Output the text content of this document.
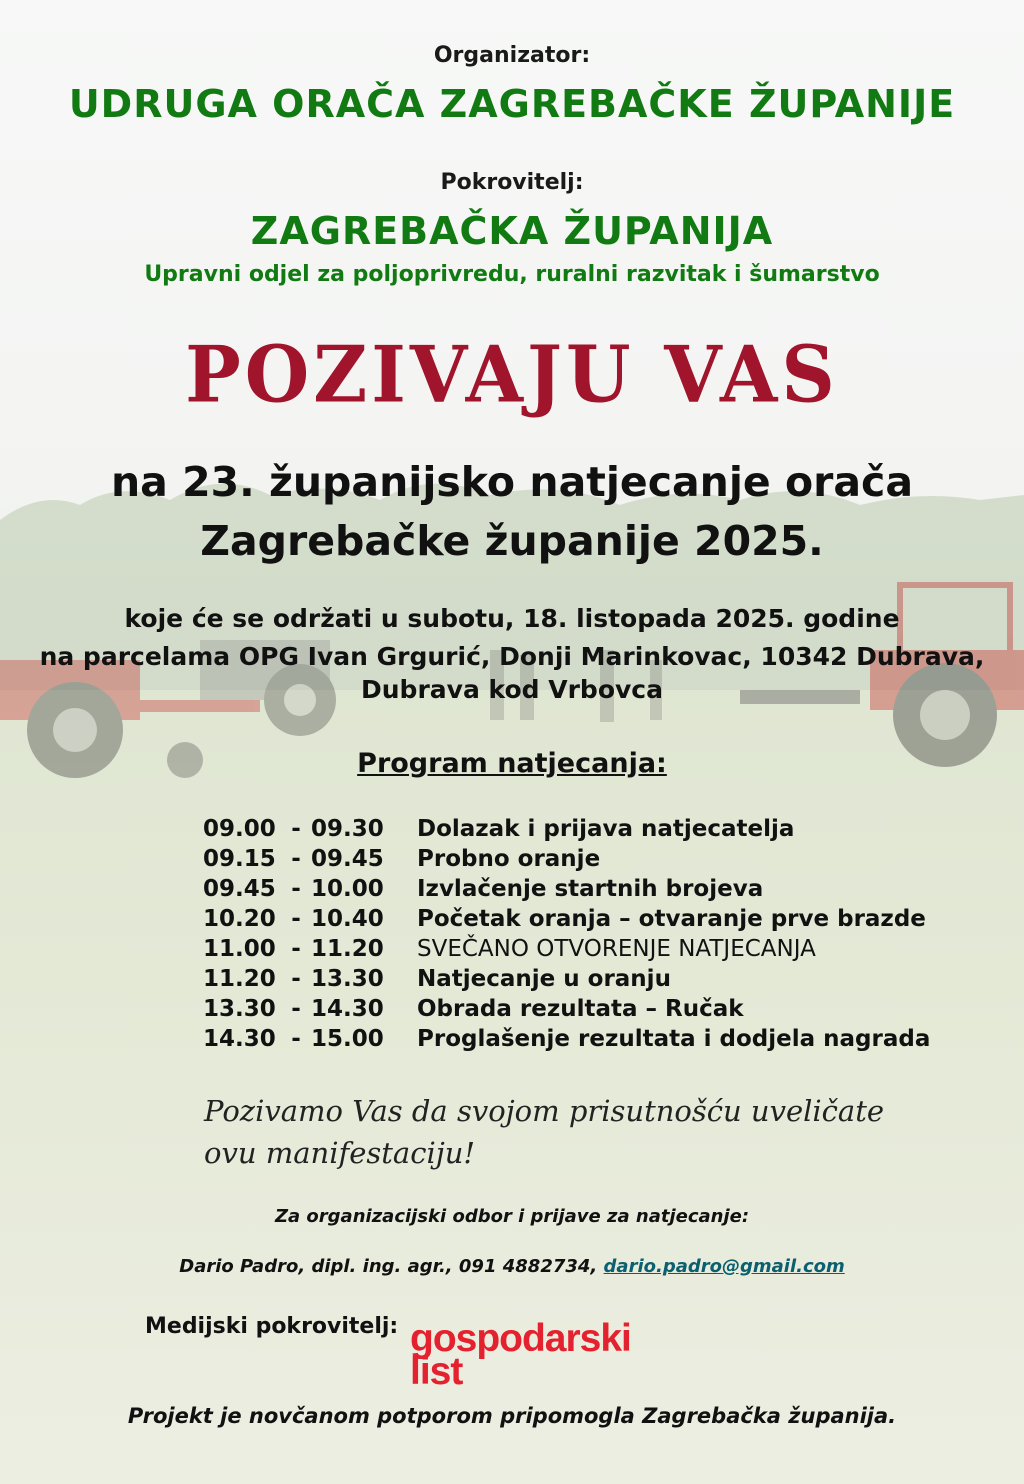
Organizator:
UDRUGA ORAČA ZAGREBAČKE ŽUPANIJE
Pokrovitelj:
ZAGREBAČKA ŽUPANIJA
Upravni odjel za poljoprivredu, ruralni razvitak i šumarstvo
POZIVAJU VAS
na 23. županijsko natjecanje orača
Zagrebačke županije 2025.
koje će se održati u subotu, 18. listopada 2025. godine
na parcelama OPG Ivan Grgurić, Donji Marinkovac, 10342 Dubrava,
Dubrava kod Vrbovca
Program natjecanja:
09.00 - 09.30	Dolazak i prijava natjecatelja
09.15 - 09.45	Probno oranje
09.45 - 10.00	Izvlačenje startnih brojeva
10.20 - 10.40	Početak oranja – otvaranje prve brazde
11.00 - 11.20	SVEČANO OTVORENJE NATJECANJA
11.20 - 13.30	Natjecanje u oranju
13.30 - 14.30	Obrada rezultata – Ručak
14.30 - 15.00	Proglašenje rezultata i dodjela nagrada
Pozivamo Vas da svojom prisutnošću uveličate
ovu manifestaciju!
Za organizacijski odbor i prijave za natjecanje:
Dario Padro, dipl. ing. agr., 091 4882734, dario.padro@gmail.com
Medijski pokrovitelj: gospodarski
list
Projekt je novčanom potporom pripomogla Zagrebačka županija.
